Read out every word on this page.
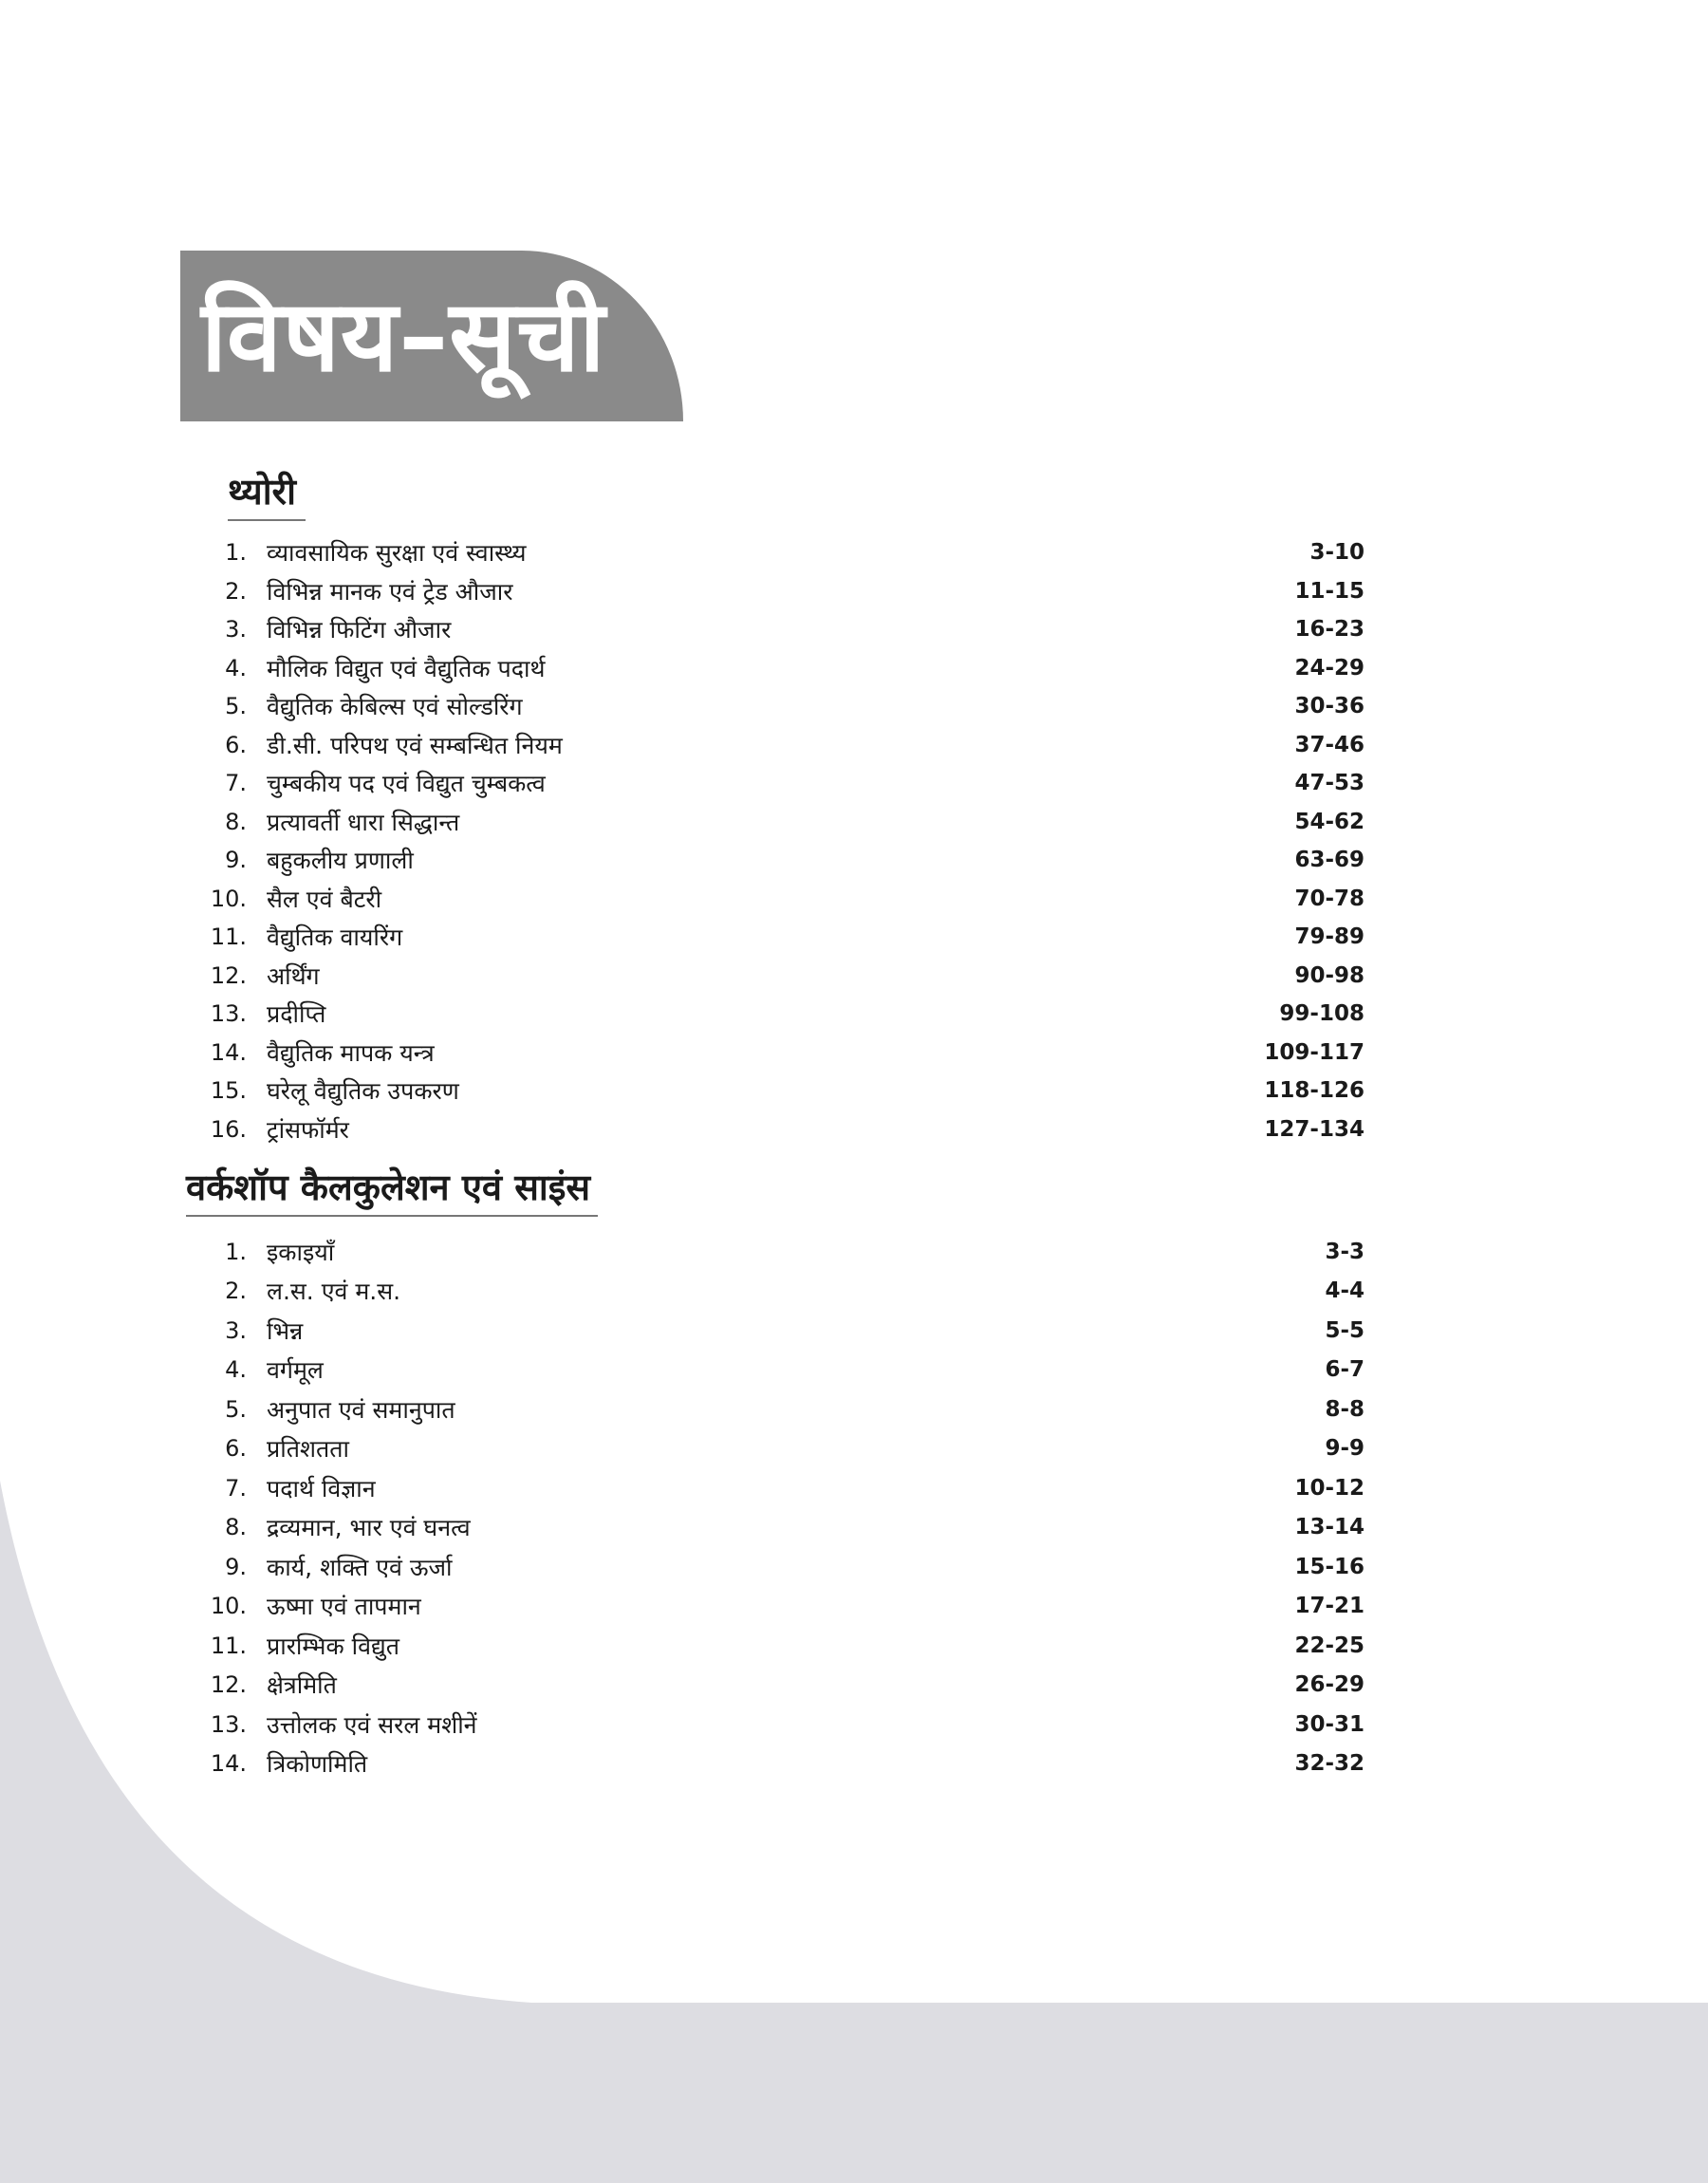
विषय–सूची
थ्योरी
1. व्यावसायिक सुरक्षा एवं स्वास्थ्य	3-10
2. विभिन्न मानक एवं ट्रेड औजार	11-15
3. विभिन्न फिटिंग औजार	16-23
4. मौलिक विद्युत एवं वैद्युतिक पदार्थ	24-29
5. वैद्युतिक केबिल्स एवं सोल्डरिंग	30-36
6. डी.सी. परिपथ एवं सम्बन्धित नियम	37-46
7. चुम्बकीय पद एवं विद्युत चुम्बकत्व	47-53
8. प्रत्यावर्ती धारा सिद्धान्त	54-62
9. बहुकलीय प्रणाली	63-69
10. सैल एवं बैटरी	70-78
11. वैद्युतिक वायरिंग	79-89
12. अर्थिंग	90-98
13. प्रदीप्ति	99-108
14. वैद्युतिक मापक यन्त्र	109-117
15. घरेलू वैद्युतिक उपकरण	118-126
16. ट्रांसफॉर्मर	127-134
वर्कशॉप कैलकुलेशन एवं साइंस
1. इकाइयाँ	3-3
2. ल.स. एवं म.स.	4-4
3. भिन्न	5-5
4. वर्गमूल	6-7
5. अनुपात एवं समानुपात	8-8
6. प्रतिशतता	9-9
7. पदार्थ विज्ञान	10-12
8. द्रव्यमान, भार एवं घनत्व	13-14
9. कार्य, शक्ति एवं ऊर्जा	15-16
10. ऊष्मा एवं तापमान	17-21
11. प्रारम्भिक विद्युत	22-25
12. क्षेत्रमिति	26-29
13. उत्तोलक एवं सरल मशीनें	30-31
14. त्रिकोणमिति	32-32
